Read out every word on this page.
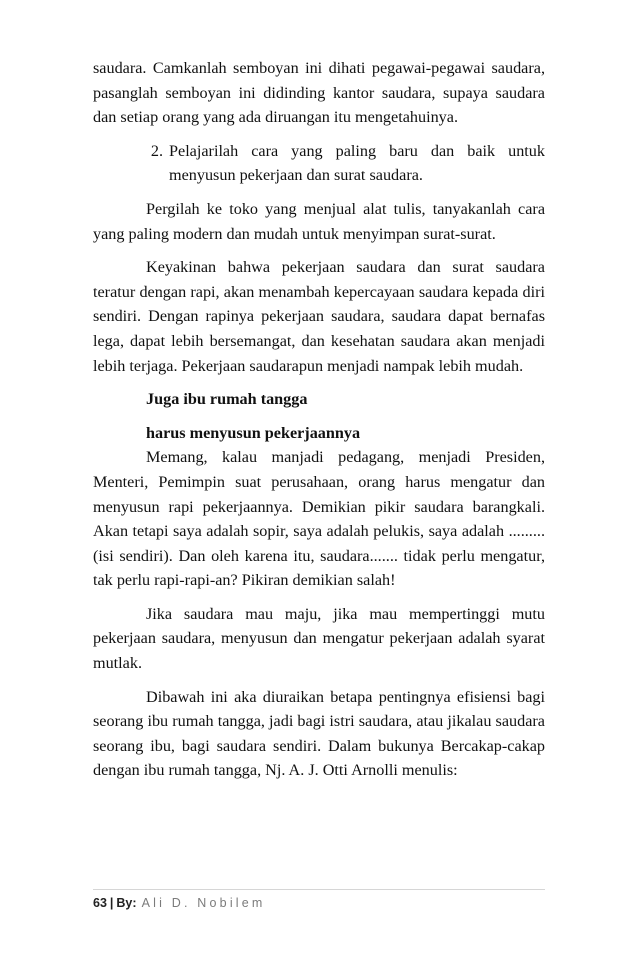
saudara. Camkanlah semboyan ini dihati pegawai-pegawai saudara, pasanglah semboyan ini didinding kantor saudara, supaya saudara dan setiap orang yang ada diruangan itu mengetahuinya.

2. Pelajarilah cara yang paling baru dan baik untuk menyusun pekerjaan dan surat saudara.

Pergilah ke toko yang menjual alat tulis, tanyakanlah cara yang paling modern dan mudah untuk menyimpan surat-surat.

Keyakinan bahwa pekerjaan saudara dan surat saudara teratur dengan rapi, akan menambah kepercayaan saudara kepada diri sendiri. Dengan rapinya pekerjaan saudara, saudara dapat bernafas lega, dapat lebih bersemangat, dan kesehatan saudara akan menjadi lebih terjaga. Pekerjaan saudarapun menjadi nampak lebih mudah.

Juga ibu rumah tangga

harus menyusun pekerjaannya

Memang, kalau manjadi pedagang, menjadi Presiden, Menteri, Pemimpin suat perusahaan, orang harus mengatur dan menyusun rapi pekerjaannya. Demikian pikir saudara barangkali. Akan tetapi saya adalah sopir, saya adalah pelukis, saya adalah ......... (isi sendiri). Dan oleh karena itu, saudara....... tidak perlu mengatur, tak perlu rapi-rapi-an? Pikiran demikian salah!

Jika saudara mau maju, jika mau mempertinggi mutu pekerjaan saudara, menyusun dan mengatur pekerjaan adalah syarat mutlak.

Dibawah ini aka diuraikan betapa pentingnya efisiensi bagi seorang ibu rumah tangga, jadi bagi istri saudara, atau jikalau saudara seorang ibu, bagi saudara sendiri. Dalam bukunya Bercakap-cakap dengan ibu rumah tangga, Nj. A. J. Otti Arnolli menulis:

63 | By: Ali D. Nobilem
